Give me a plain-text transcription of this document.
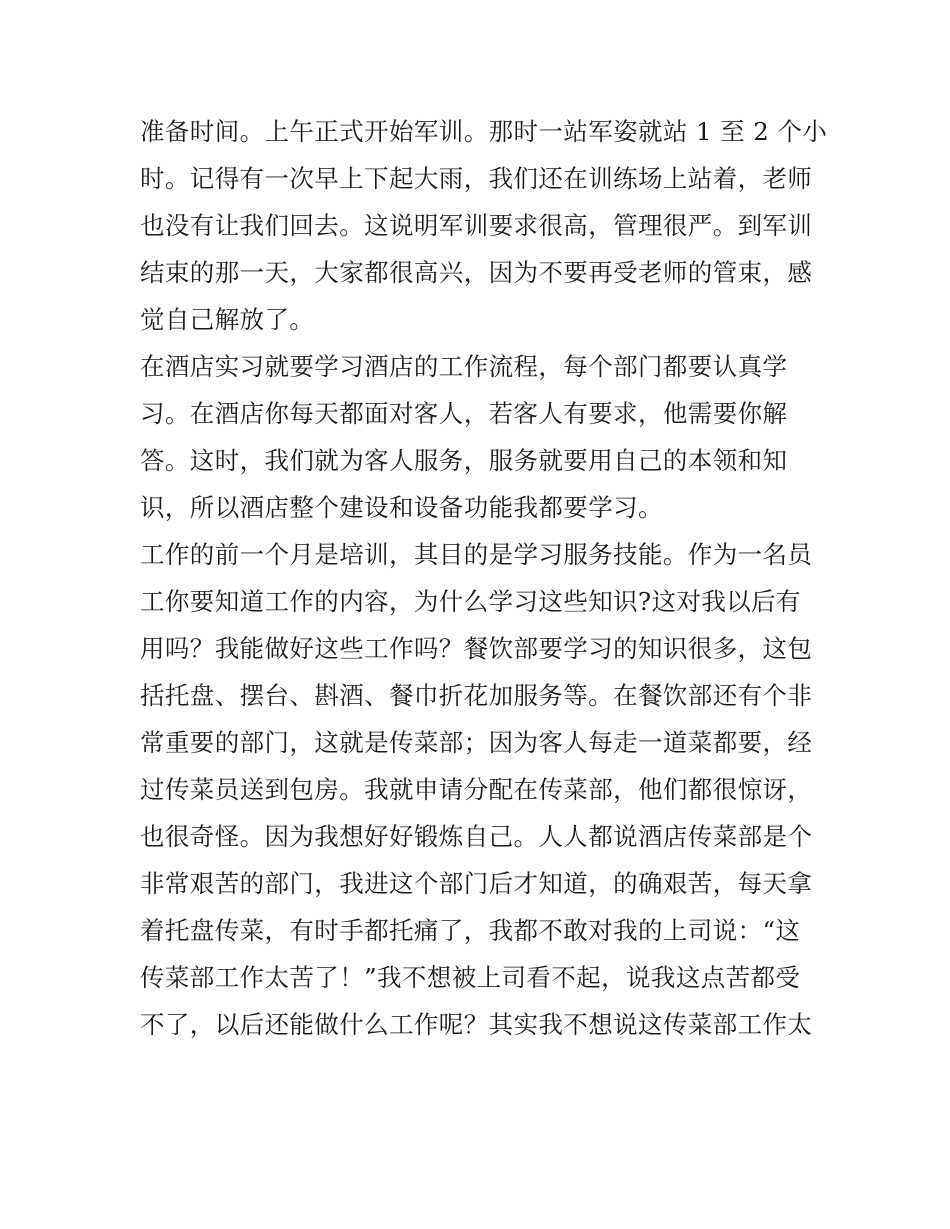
准备时间。上午正式开始军训。那时一站军姿就站 1 至 2 个小
时。记得有一次早上下起大雨，我们还在训练场上站着，老师
也没有让我们回去。这说明军训要求很高，管理很严。到军训
结束的那一天，大家都很高兴，因为不要再受老师的管束，感
觉自己解放了。
在酒店实习就要学习酒店的工作流程，每个部门都要认真学
习。在酒店你每天都面对客人，若客人有要求，他需要你解
答。这时，我们就为客人服务，服务就要用自己的本领和知
识，所以酒店整个建设和设备功能我都要学习。
工作的前一个月是培训，其目的是学习服务技能。作为一名员
工你要知道工作的内容，为什么学习这些知识?这对我以后有
用吗？我能做好这些工作吗？餐饮部要学习的知识很多，这包
括托盘、摆台、斟酒、餐巾折花加服务等。在餐饮部还有个非
常重要的部门，这就是传菜部；因为客人每走一道菜都要，经
过传菜员送到包房。我就申请分配在传菜部，他们都很惊讶，
也很奇怪。因为我想好好锻炼自己。人人都说酒店传菜部是个
非常艰苦的部门，我进这个部门后才知道，的确艰苦，每天拿
着托盘传菜，有时手都托痛了，我都不敢对我的上司说：“这
传菜部工作太苦了！”我不想被上司看不起，说我这点苦都受
不了，以后还能做什么工作呢？其实我不想说这传菜部工作太
